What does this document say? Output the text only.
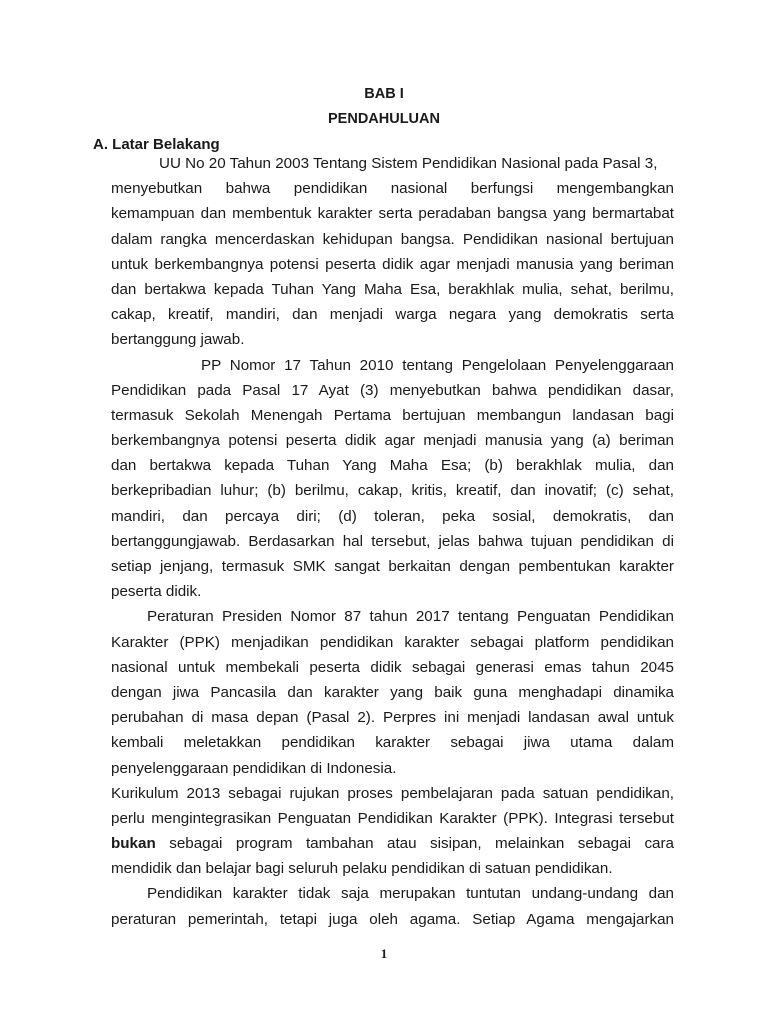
BAB I
PENDAHULUAN
A. Latar Belakang
UU No 20 Tahun 2003 Tentang Sistem Pendidikan Nasional pada Pasal 3,
menyebutkan bahwa pendidikan nasional berfungsi mengembangkan
kemampuan dan membentuk karakter serta peradaban bangsa yang bermartabat
dalam rangka mencerdaskan kehidupan bangsa. Pendidikan nasional bertujuan
untuk berkembangnya potensi peserta didik agar menjadi manusia yang beriman
dan bertakwa kepada Tuhan Yang Maha Esa, berakhlak mulia, sehat, berilmu,
cakap, kreatif, mandiri, dan menjadi warga negara yang demokratis serta
bertanggung jawab.
PP Nomor 17 Tahun 2010 tentang Pengelolaan Penyelenggaraan
Pendidikan pada Pasal 17 Ayat (3) menyebutkan bahwa pendidikan dasar,
termasuk Sekolah Menengah Pertama bertujuan membangun landasan bagi
berkembangnya potensi peserta didik agar menjadi manusia yang (a) beriman
dan bertakwa kepada Tuhan Yang Maha Esa; (b) berakhlak mulia, dan
berkepribadian luhur; (b) berilmu, cakap, kritis, kreatif, dan inovatif; (c) sehat,
mandiri, dan percaya diri; (d) toleran, peka sosial, demokratis, dan
bertanggungjawab. Berdasarkan hal tersebut, jelas bahwa tujuan pendidikan di
setiap jenjang, termasuk SMK sangat berkaitan dengan pembentukan karakter
peserta didik.
Peraturan Presiden Nomor 87 tahun 2017 tentang Penguatan Pendidikan
Karakter (PPK) menjadikan pendidikan karakter sebagai platform pendidikan
nasional untuk membekali peserta didik sebagai generasi emas tahun 2045
dengan jiwa Pancasila dan karakter yang baik guna menghadapi dinamika
perubahan di masa depan (Pasal 2). Perpres ini menjadi landasan awal untuk
kembali meletakkan pendidikan karakter sebagai jiwa utama dalam
penyelenggaraan pendidikan di Indonesia.
Kurikulum 2013 sebagai rujukan proses pembelajaran pada satuan pendidikan,
perlu mengintegrasikan Penguatan Pendidikan Karakter (PPK). Integrasi tersebut
bukan sebagai program tambahan atau sisipan, melainkan sebagai cara
mendidik dan belajar bagi seluruh pelaku pendidikan di satuan pendidikan.
Pendidikan karakter tidak saja merupakan tuntutan undang-undang dan
peraturan pemerintah, tetapi juga oleh agama. Setiap Agama mengajarkan
1
